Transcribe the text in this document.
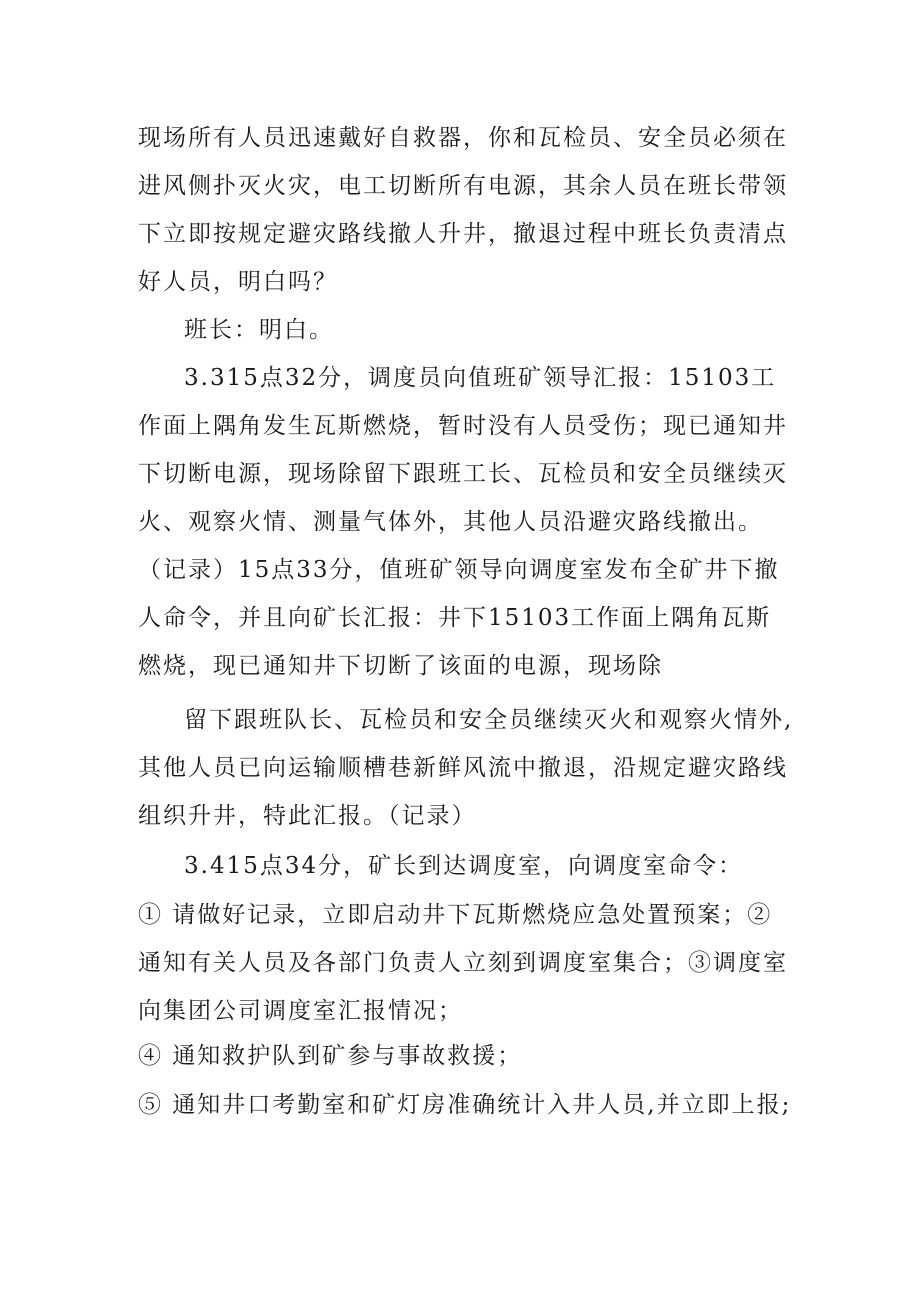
现场所有人员迅速戴好自救器，你和瓦检员、安全员必须在进风侧扑灭火灾，电工切断所有电源，其余人员在班长带领下立即按规定避灾路线撤人升井，撤退过程中班长负责清点好人员，明白吗？

班长：明白。

3.315点32分，调度员向值班矿领导汇报：15103工作面上隅角发生瓦斯燃烧，暂时没有人员受伤；现已通知井下切断电源，现场除留下跟班工长、瓦检员和安全员继续灭火、观察火情、测量气体外，其他人员沿避灾路线撤出。（记录）15点33分，值班矿领导向调度室发布全矿井下撤人命令，并且向矿长汇报：井下15103工作面上隅角瓦斯燃烧，现已通知井下切断了该面的电源，现场除

留下跟班队长、瓦检员和安全员继续灭火和观察火情外,其他人员已向运输顺槽巷新鲜风流中撤退，沿规定避灾路线组织升井，特此汇报。（记录）

3.415点34分，矿长到达调度室，向调度室命令：

① 请做好记录，立即启动井下瓦斯燃烧应急处置预案；②通知有关人员及各部门负责人立刻到调度室集合；③调度室向集团公司调度室汇报情况；

④ 通知救护队到矿参与事故救援；

⑤ 通知井口考勤室和矿灯房准确统计入井人员,并立即上报;
